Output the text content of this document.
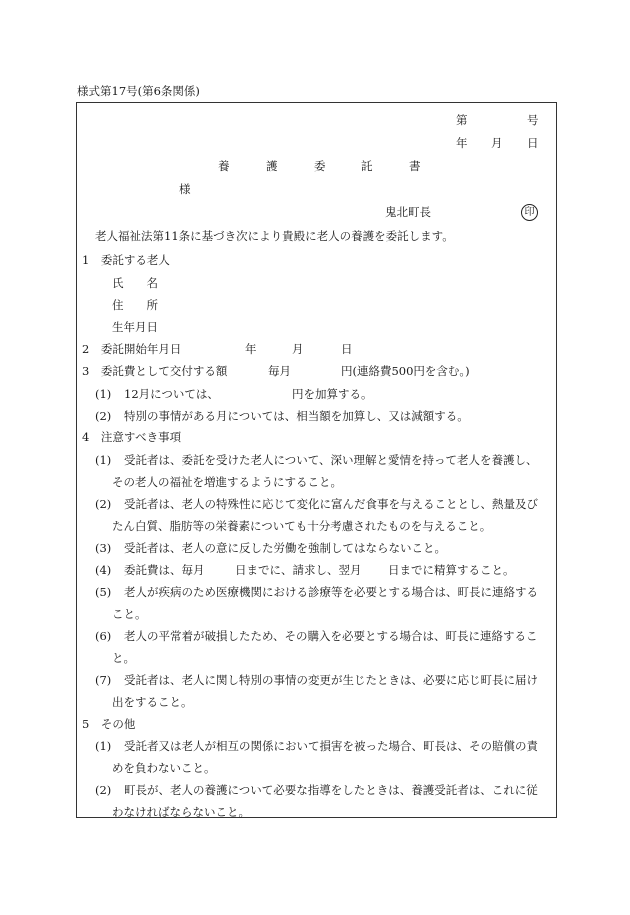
様式第17号(第6条関係)
第	号
年 月 日
養	護	委	託	書
様
鬼北町長	印
老人福祉法第11条に基づき次により貴殿に老人の養護を委託します。
1　委託する老人
氏　　名
住　　所
生年月日
2　委託開始年月日	年	月	日
3　委託費として交付する額	毎月	円(連絡費500円を含む。)
(1) 12月については、	円を加算する。
(2) 特別の事情がある月については、相当額を加算し、又は減額する。
4　注意すべき事項
(1) 受託者は、委託を受けた老人について、深い理解と愛情を持って老人を養護し、
その老人の福祉を増進するようにすること。
(2) 受託者は、老人の特殊性に応じて変化に富んだ食事を与えることとし、熱量及び
たん白質、脂肪等の栄養素についても十分考慮されたものを与えること。
(3) 受託者は、老人の意に反した労働を強制してはならないこと。
(4) 委託費は、毎月	日までに、請求し、翌月 日までに精算すること。
(5) 老人が疾病のため医療機関における診療等を必要とする場合は、町長に連絡する
こと。
(6) 老人の平常着が破損したため、その購入を必要とする場合は、町長に連絡するこ
と。
(7) 受託者は、老人に関し特別の事情の変更が生じたときは、必要に応じ町長に届け
出をすること。
5　その他
(1) 受託者又は老人が相互の関係において損害を被った場合、町長は、その賠償の責
めを負わないこと。
(2) 町長が、老人の養護について必要な指導をしたときは、養護受託者は、これに従
わなければならないこと。
